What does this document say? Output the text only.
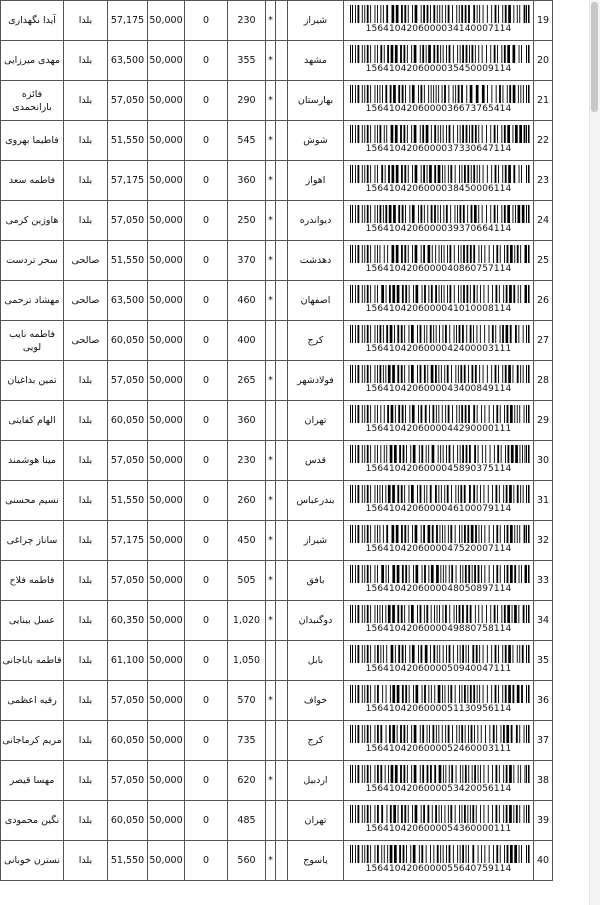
آیدا نگهداری	یلدا	57,175	50,000	0	230	*		شیراز	1564104206000034140007114	19
مهدی میرزایی	یلدا	63,500	50,000	0	355	*		مشهد	1564104206000035450009114	20
فائزه بارانحمدی	یلدا	57,050	50,000	0	290	*		بهارستان	1564104206000036673765414	21
فاطیما بهروی	یلدا	51,550	50,000	0	545	*		شوش	1564104206000037330647114	22
فاطمه سعد	یلدا	57,175	50,000	0	360	*		اهواز	1564104206000038450006114	23
هاوژین کرمی	یلدا	57,050	50,000	0	250	*		دیواندره	1564104206000039370664114	24
سحر تردست	صالحی	51,550	50,000	0	370	*		دهدشت	1564104206000040860757114	25
مهشاد ترحمی	صالحی	63,500	50,000	0	460	*		اصفهان	1564104206000041010008114	26
فاطمه نایب لویی	صالحی	60,050	50,000	0	400			کرج	1564104206000042400003111	27
تمین بداغیان	یلدا	57,050	50,000	0	265	*		فولادشهر	1564104206000043400849114	28
الهام کفایتی	یلدا	60,050	50,000	0	360			تهران	1564104206000044290000111	29
مینا هوشمند	یلدا	57,050	50,000	0	230	*		قدس	1564104206000045890375114	30
نسیم محسنی	یلدا	51,550	50,000	0	260	*		بندرعباس	1564104206000046100079114	31
ساناز چراغی	یلدا	57,175	50,000	0	450	*		شیراز	1564104206000047520007114	32
فاطمه فلاح	یلدا	57,050	50,000	0	505	*		بافق	1564104206000048050897114	33
عسل بینایی	یلدا	60,350	50,000	0	1,020	*		دوگنبدان	1564104206000049880758114	34
فاطمه باباجانی	یلدا	61,100	50,000	0	1,050			بابل	1564104206000050940047111	35
رقیه اعظمی	یلدا	57,050	50,000	0	570	*		خواف	1564104206000051130956114	36
مریم کرماجانی	یلدا	60,050	50,000	0	735			کرج	1564104206000052460003111	37
مهسا قیصر	یلدا	57,050	50,000	0	620	*		اردبیل	1564104206000053420056114	38
نگین محمودی	یلدا	60,050	50,000	0	485			تهران	1564104206000054360000111	39
نسترن خوبانی	یلدا	51,550	50,000	0	560	*		یاسوج	1564104206000055640759114	40
